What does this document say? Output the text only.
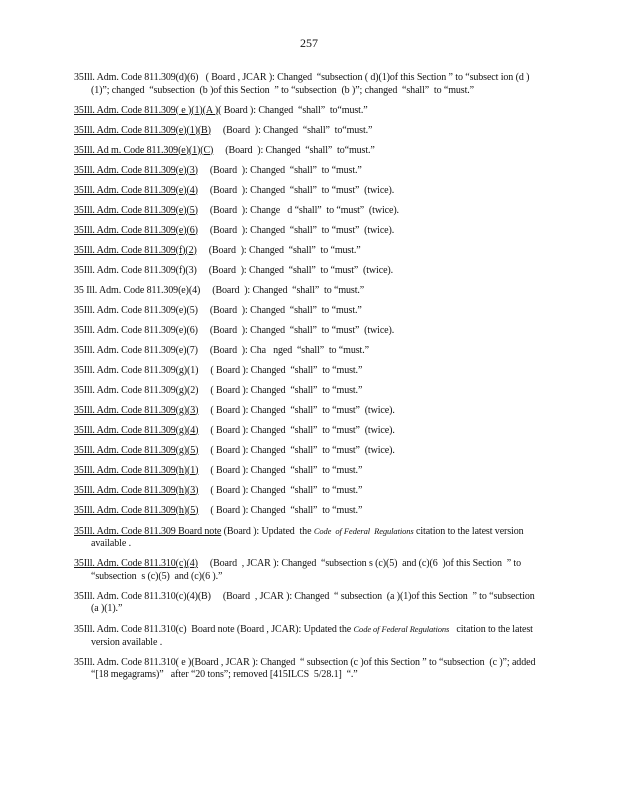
257
35Ill. Adm. Code 811.309(d)(6)   ( Board , JCAR ): Changed  “subsection ( d)(1)of this Section ” to “subsect ion (d )(1)”; changed  “subsection  (b )of this Section  ” to “subsection  (b )”; changed  “shall”  to “must.”
35Ill. Adm. Code 811.309( e )(1)(A )( Board ): Changed  “shall”  to“must.”
35Ill. Adm. Code 811.309(e)(1)(B)     (Board  ): Changed  “shall”  to“must.”
35Ill. Ad m. Code 811.309(e)(1)(C)     (Board  ): Changed  “shall”  to“must.”
35Ill. Adm. Code 811.309(e)(3)     (Board  ): Changed  “shall”  to “must.”
35Ill. Adm. Code 811.309(e)(4)     (Board  ): Changed  “shall”  to “must”  (twice).
35Ill. Adm. Code 811.309(e)(5)     (Board  ): Change   d “shall”  to “must”  (twice).
35Ill. Adm. Code 811.309(e)(6)     (Board  ): Changed  “shall”  to “must”  (twice).
35Ill. Adm. Code 811.309(f)(2)     (Board  ): Changed  “shall”  to “must.”
35Ill. Adm. Code 811.309(f)(3)     (Board  ): Changed  “shall”  to “must”  (twice).
35 Ill. Adm. Code 811.309(e)(4)     (Board  ): Changed  “shall”  to “must.”
35Ill. Adm. Code 811.309(e)(5)     (Board  ): Changed  “shall”  to “must.”
35Ill. Adm. Code 811.309(e)(6)     (Board  ): Changed  “shall”  to “must”  (twice).
35Ill. Adm. Code 811.309(e)(7)     (Board  ): Cha   nged  “shall”  to “must.”
35Ill. Adm. Code 811.309(g)(1)     ( Board ): Changed  “shall”  to “must.”
35Ill. Adm. Code 811.309(g)(2)     ( Board ): Changed  “shall”  to “must.”
35Ill. Adm. Code 811.309(g)(3)     ( Board ): Changed  “shall”  to “must”  (twice).
35Ill. Adm. Code 811.309(g)(4)     ( Board ): Changed  “shall”  to “must”  (twice).
35Ill. Adm. Code 811.309(g)(5)     ( Board ): Changed  “shall”  to “must”  (twice).
35Ill. Adm. Code 811.309(h)(1)     ( Board ): Changed  “shall”  to “must.”
35Ill. Adm. Code 811.309(h)(3)     ( Board ): Changed  “shall”  to “must.”
35Ill. Adm. Code 811.309(h)(5)     ( Board ): Changed  “shall”  to “must.”
35Ill. Adm. Code 811.309 Board note (Board ): Updated  the Code  of Federal  Regulations citation to the latest version available .
35Ill. Adm. Code 811.310(c)(4)     (Board  , JCAR ): Changed  “subsection s (c)(5)  and (c)(6  )of this Section  ” to “subsection  s (c)(5)  and (c)(6 ).”
35Ill. Adm. Code 811.310(c)(4)(B)     (Board  , JCAR ): Changed  “ subsection  (a )(1)of this Section  ” to “subsection  (a )(1).”
35Ill. Adm. Code 811.310(c)  Board note (Board , JCAR): Updated the Code of Federal Regulations   citation to the latest version available .
35Ill. Adm. Code 811.310( e )(Board , JCAR ): Changed  “ subsection (c )of this Section ” to “subsection  (c )”; added “[18 megagrams)”   after “20 tons”; removed [415ILCS  5/28.1]  “.”
